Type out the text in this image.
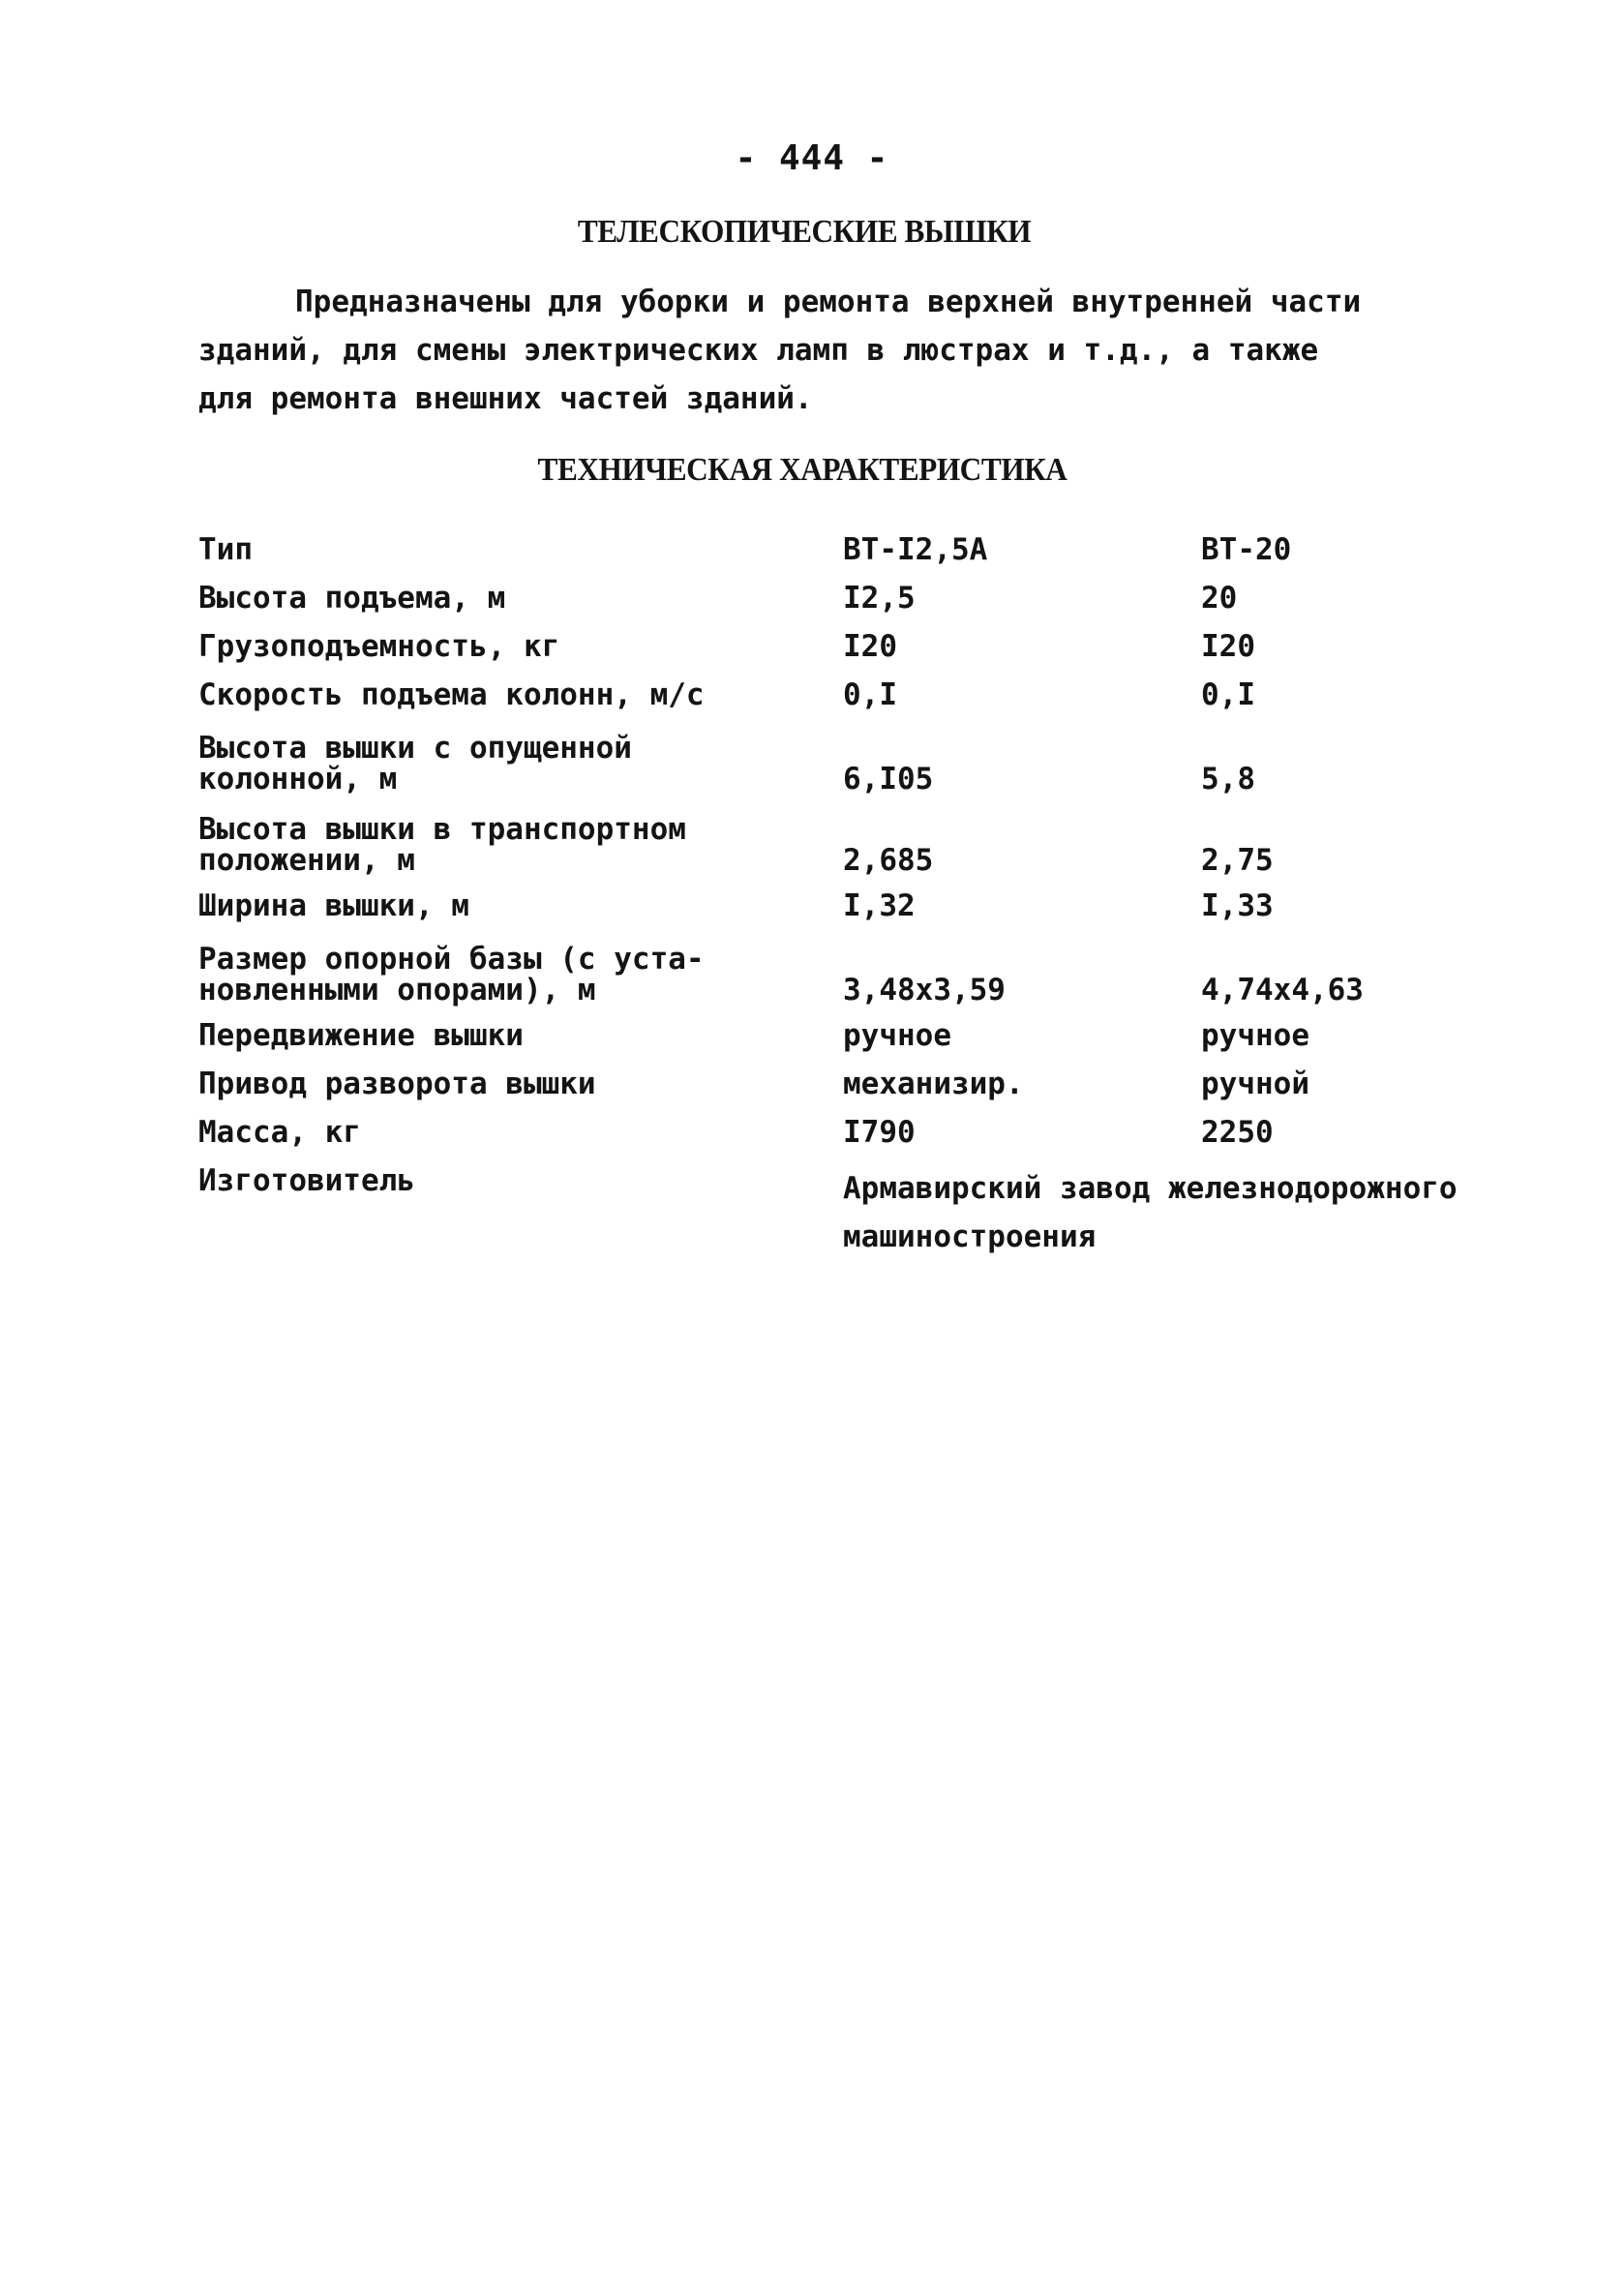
- 444 -
ТЕЛЕСКОПИЧЕСКИЕ ВЫШКИ
Предназначены для уборки и ремонта верхней внутренней части
зданий, для смены электрических ламп в люстрах и т.д., а также
для ремонта внешних частей зданий.
ТЕХНИЧЕСКАЯ ХАРАКТЕРИСТИКА
Тип	ВТ-I2,5А	ВТ-20
Высота подъема, м	I2,5	20
Грузоподъемность, кг	I20	I20
Скорость подъема колонн, м/с	0,I	0,I
Высота вышки с опущенной
колонной, м	6,I05	5,8
Высота вышки в транспортном
положении, м	2,685	2,75
Ширина вышки, м	I,32	I,33
Размер опорной базы (с уста-
новленными опорами), м	3,48х3,59	4,74х4,63
Передвижение вышки	ручное	ручное
Привод разворота вышки	механизир.	ручной
Масса, кг	I790	2250
Изготовитель	Армавирский завод железнодорожного
машиностроения
